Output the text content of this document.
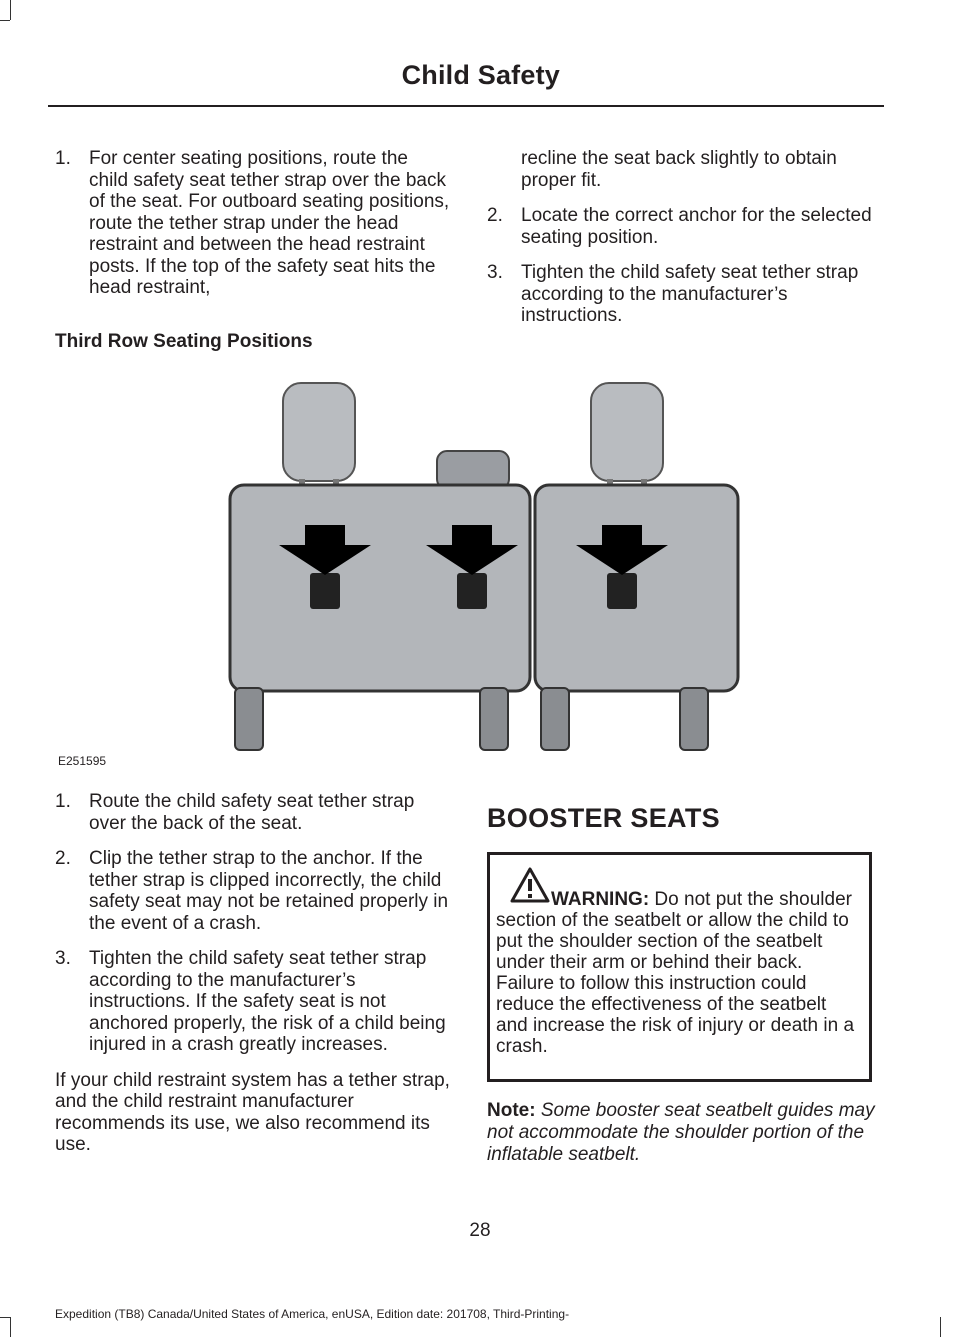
Child Safety
1. For center seating positions, route the child safety seat tether strap over the back of the seat. For outboard seating positions, route the tether strap under the head restraint and between the head restraint posts. If the top of the safety seat hits the head restraint,

recline the seat back slightly to obtain proper fit.

2. Locate the correct anchor for the selected seating position.
3. Tighten the child safety seat tether strap according to the manufacturer’s instructions.
Third Row Seating Positions
E251595
1. Route the child safety seat tether strap over the back of the seat.
2. Clip the tether strap to the anchor. If the tether strap is clipped incorrectly, the child safety seat may not be retained properly in the event of a crash.
3. Tighten the child safety seat tether strap according to the manufacturer’s instructions. If the safety seat is not anchored properly, the risk of a child being injured in a crash greatly increases.

If your child restraint system has a tether strap, and the child restraint manufacturer recommends its use, we also recommend its use.

BOOSTER SEATS
WARNING: Do not put the shoulder section of the seatbelt or allow the child to put the shoulder section of the seatbelt under their arm or behind their back. Failure to follow this instruction could reduce the effectiveness of the seatbelt and increase the risk of injury or death in a crash.
Note: Some booster seat seatbelt guides may not accommodate the shoulder portion of the inflatable seatbelt.
28
Expedition (TB8) Canada/United States of America, enUSA, Edition date: 201708, Third-Printing-
